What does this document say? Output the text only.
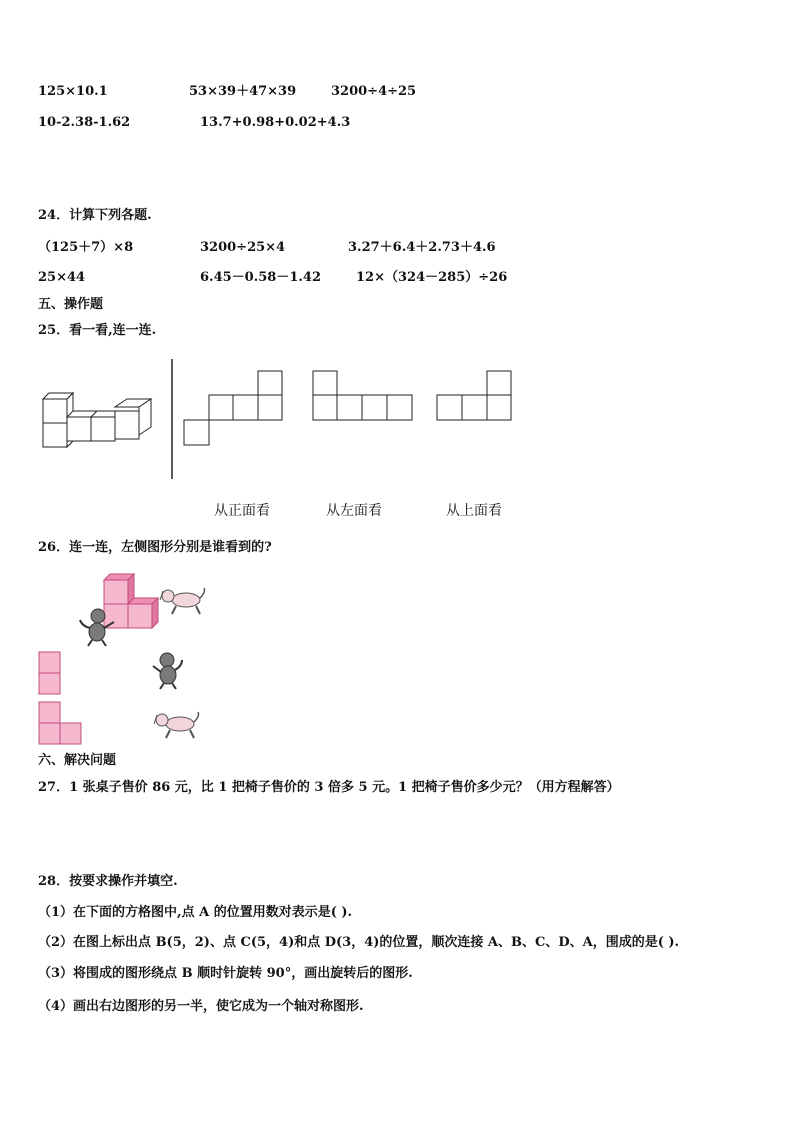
125×10.1	53×39＋47×39	3200÷4÷25
10-2.38-1.62	13.7+0.98+0.02+4.3
24．计算下列各题.
（125＋7）×8	3200÷25×4	3.27＋6.4＋2.73＋4.6
25×44	6.45－0.58－1.42	12×（324－285）÷26
五、操作题
25．看一看,连一连.
从正面看	从左面看	从上面看
26．连一连，左侧图形分别是谁看到的?
六、解决问题
27．1 张桌子售价 86 元，比 1 把椅子售价的 3 倍多 5 元。1 把椅子售价多少元？（用方程解答）
28．按要求操作并填空.
（1）在下面的方格图中,点 A 的位置用数对表示是( ).
（2）在图上标出点 B(5，2)、点 C(5，4)和点 D(3，4)的位置，顺次连接 A、B、C、D、A，围成的是( ).
（3）将围成的图形绕点 B 顺时针旋转 90°，画出旋转后的图形.
（4）画出右边图形的另一半，使它成为一个轴对称图形.
